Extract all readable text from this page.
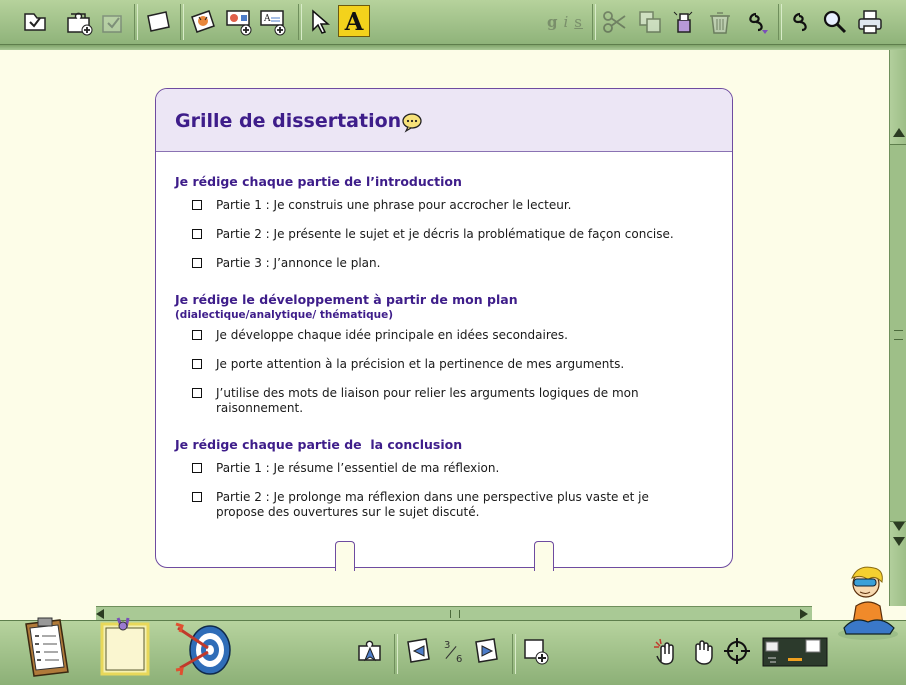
A	A	g i s
Grille de dissertation
Je rédige chaque partie de l’introduction
Partie 1 : Je construis une phrase pour accrocher le lecteur.
Partie 2 : Je présente le sujet et je décris la problématique de façon concise.
Partie 3 : J’annonce le plan.
Je rédige le développement à partir de mon plan (dialectique/analytique/ thématique)
Je développe chaque idée principale en idées secondaires.
Je porte attention à la précision et la pertinence de mes arguments.
J’utilise des mots de liaison pour relier les arguments logiques de mon raisonnement.
Je rédige chaque partie de  la conclusion
Partie 1 : Je résume l’essentiel de ma réflexion.
Partie 2 : Je prolonge ma réflexion dans une perspective plus vaste et je propose des ouvertures sur le sujet discuté.
3
6
